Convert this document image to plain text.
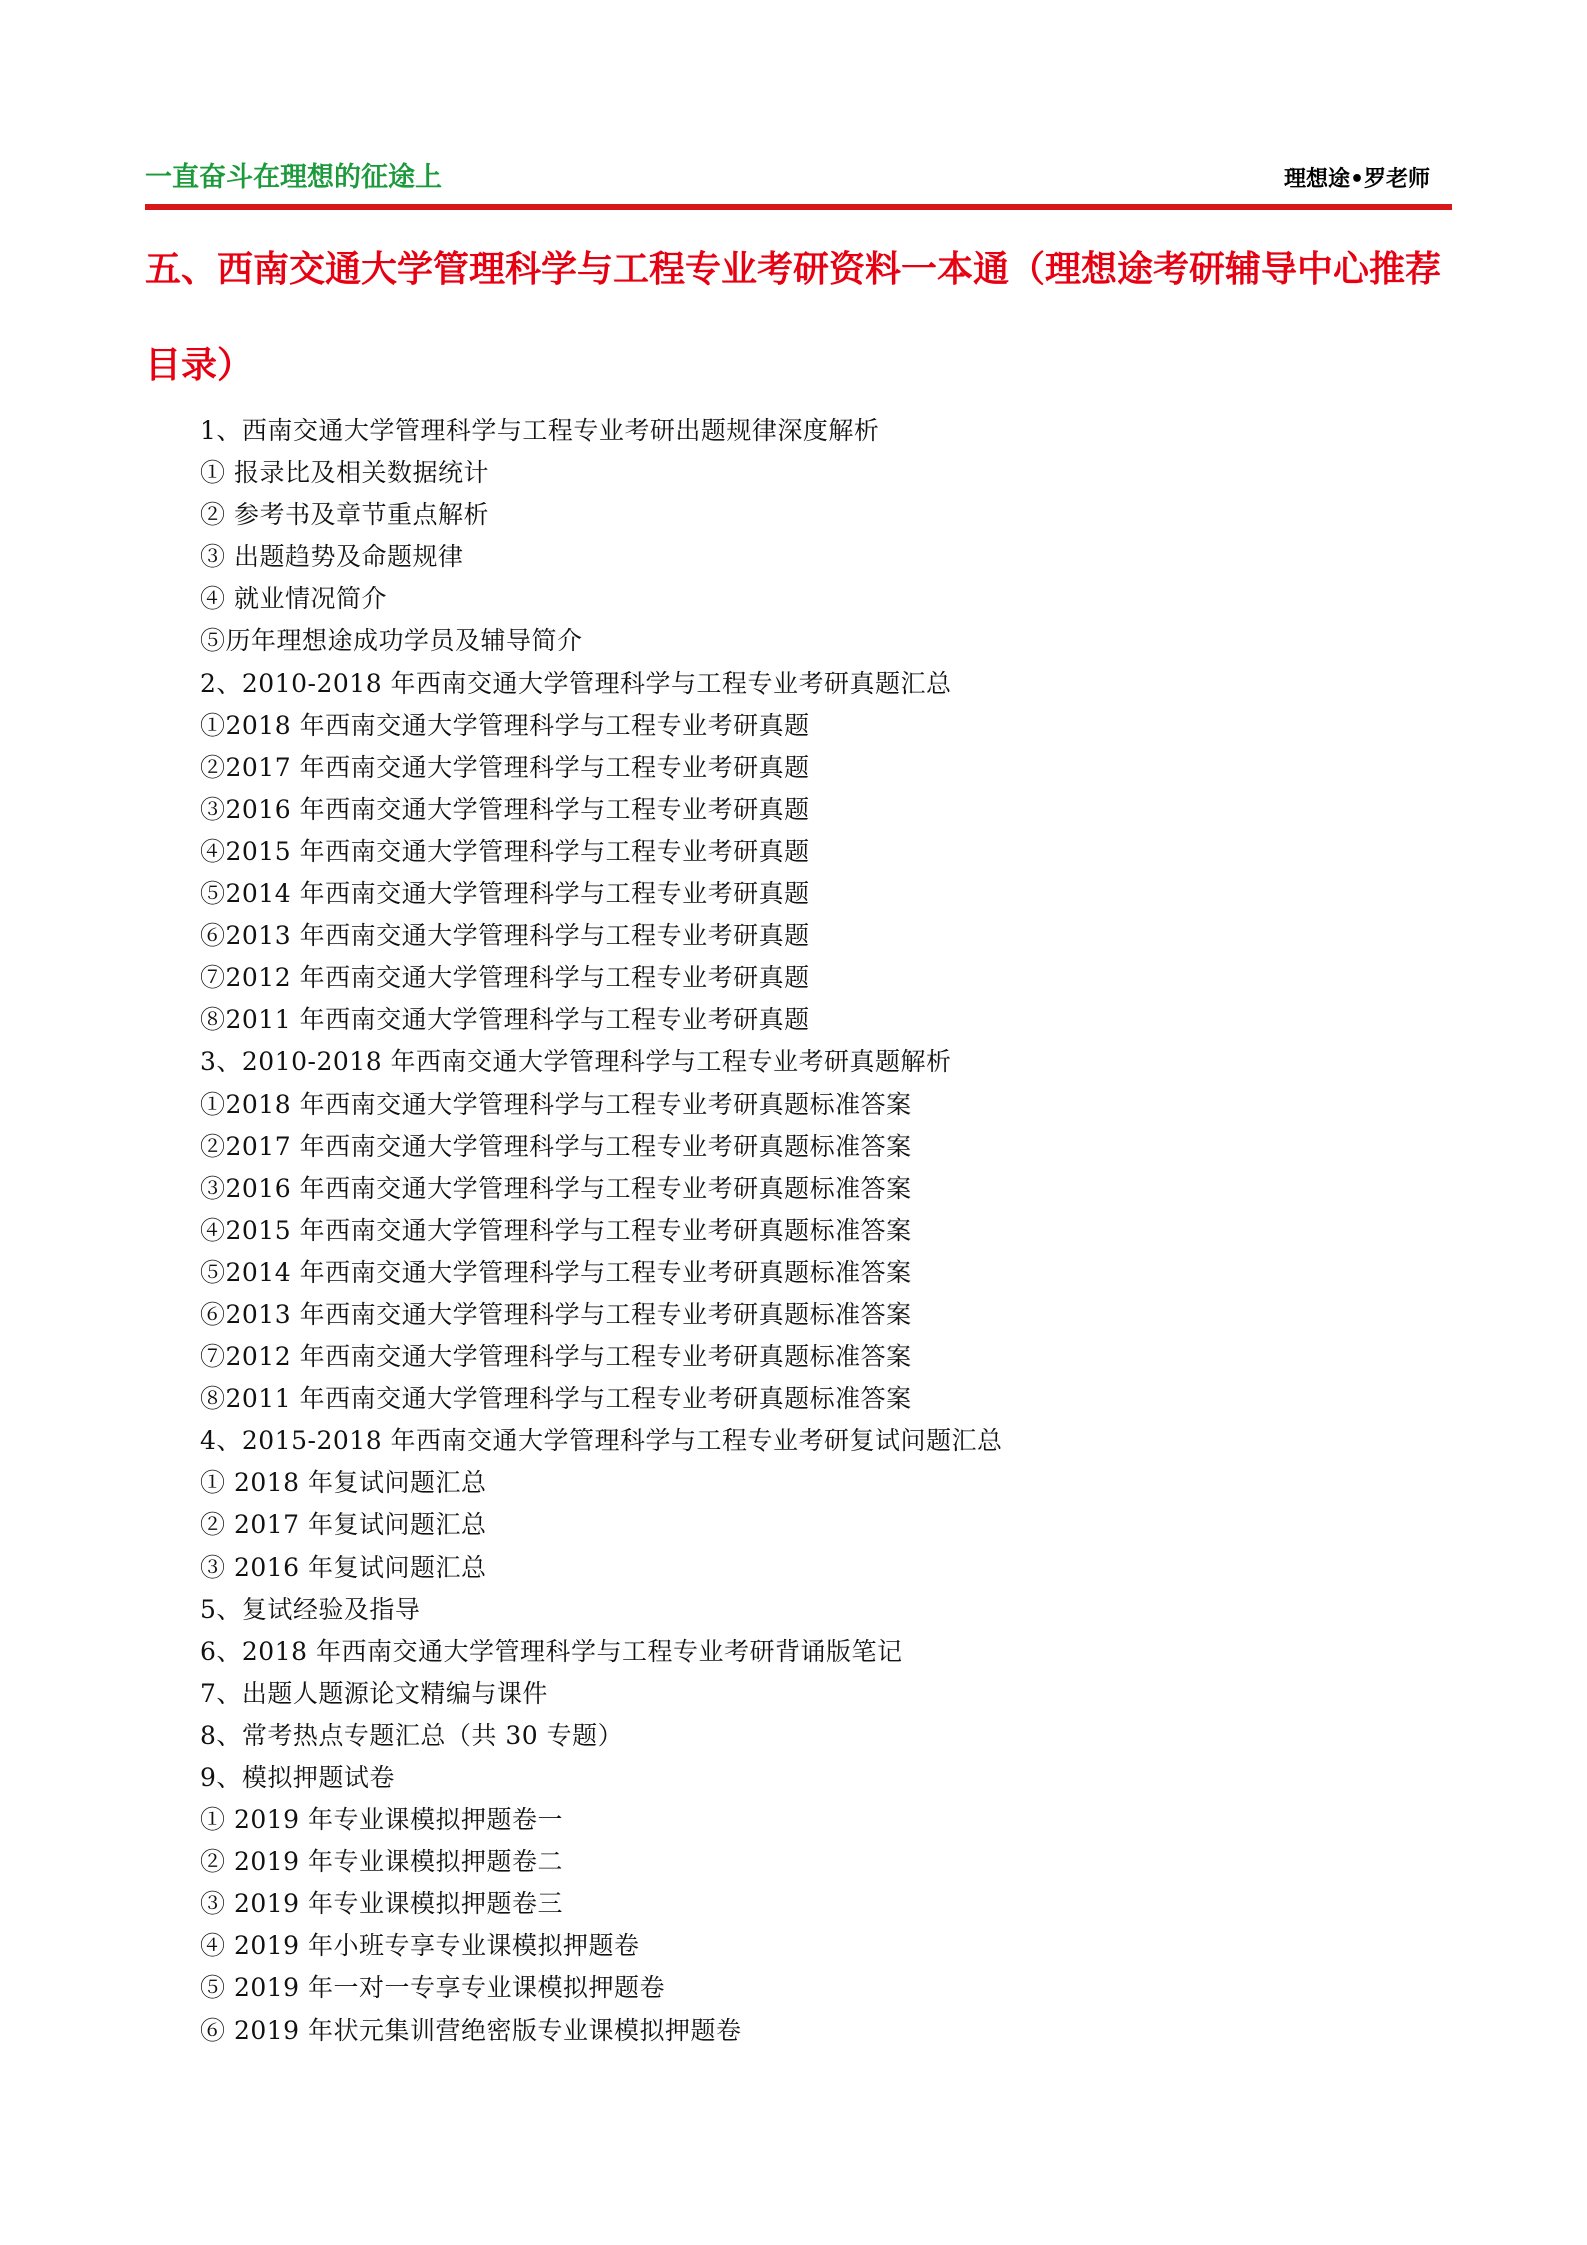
一直奋斗在理想的征途上	理想途•罗老师
五、西南交通大学管理科学与工程专业考研资料一本通（理想途考研辅导中心推荐目录）
1、西南交通大学管理科学与工程专业考研出题规律深度解析
① 报录比及相关数据统计
② 参考书及章节重点解析
③ 出题趋势及命题规律
④ 就业情况简介
⑤历年理想途成功学员及辅导简介
2、2010-2018 年西南交通大学管理科学与工程专业考研真题汇总
①2018 年西南交通大学管理科学与工程专业考研真题
②2017 年西南交通大学管理科学与工程专业考研真题
③2016 年西南交通大学管理科学与工程专业考研真题
④2015 年西南交通大学管理科学与工程专业考研真题
⑤2014 年西南交通大学管理科学与工程专业考研真题
⑥2013 年西南交通大学管理科学与工程专业考研真题
⑦2012 年西南交通大学管理科学与工程专业考研真题
⑧2011 年西南交通大学管理科学与工程专业考研真题
3、2010-2018 年西南交通大学管理科学与工程专业考研真题解析
①2018 年西南交通大学管理科学与工程专业考研真题标准答案
②2017 年西南交通大学管理科学与工程专业考研真题标准答案
③2016 年西南交通大学管理科学与工程专业考研真题标准答案
④2015 年西南交通大学管理科学与工程专业考研真题标准答案
⑤2014 年西南交通大学管理科学与工程专业考研真题标准答案
⑥2013 年西南交通大学管理科学与工程专业考研真题标准答案
⑦2012 年西南交通大学管理科学与工程专业考研真题标准答案
⑧2011 年西南交通大学管理科学与工程专业考研真题标准答案
4、2015-2018 年西南交通大学管理科学与工程专业考研复试问题汇总
① 2018 年复试问题汇总
② 2017 年复试问题汇总
③ 2016 年复试问题汇总
5、复试经验及指导
6、2018 年西南交通大学管理科学与工程专业考研背诵版笔记
7、出题人题源论文精编与课件
8、常考热点专题汇总（共 30 专题）
9、模拟押题试卷
① 2019 年专业课模拟押题卷一
② 2019 年专业课模拟押题卷二
③ 2019 年专业课模拟押题卷三
④ 2019 年小班专享专业课模拟押题卷
⑤ 2019 年一对一专享专业课模拟押题卷
⑥ 2019 年状元集训营绝密版专业课模拟押题卷
